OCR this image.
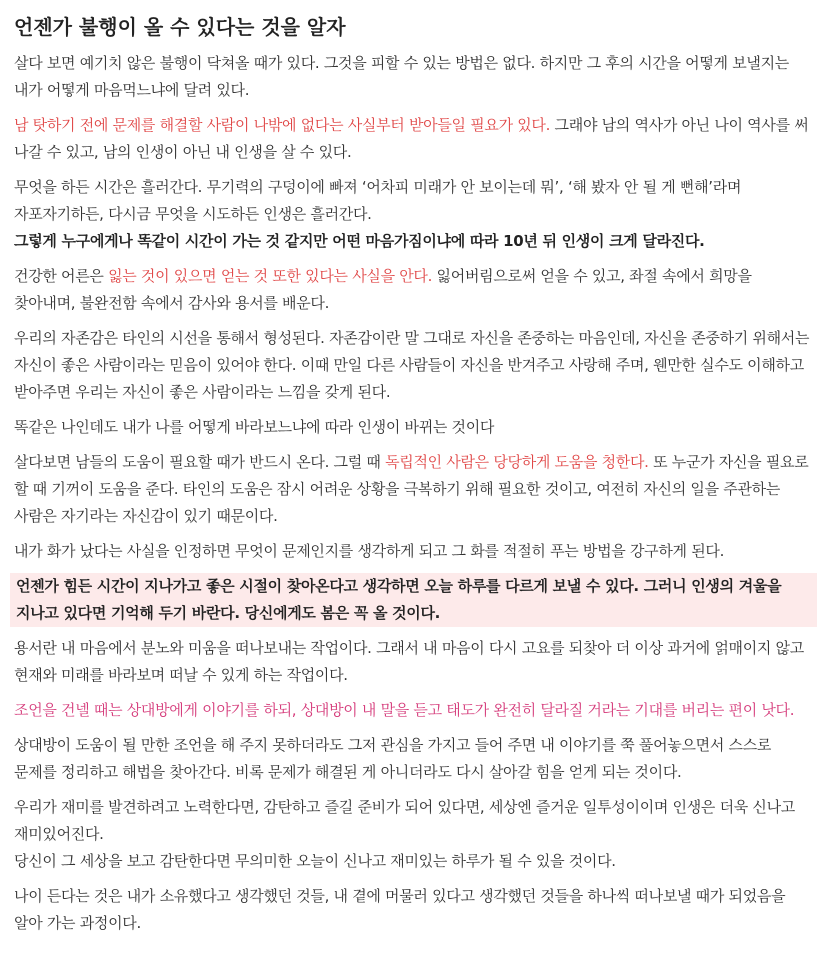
언젠가 불행이 올 수 있다는 것을 알자

살다 보면 예기치 않은 불행이 닥쳐올 때가 있다. 그것을 피할 수 있는 방법은 없다. 하지만 그 후의 시간을 어떻게 보낼지는 내가 어떻게 마음먹느냐에 달려 있다.

남 탓하기 전에 문제를 해결할 사람이 나밖에 없다는 사실부터 받아들일 필요가 있다. 그래야 남의 역사가 아닌 나이 역사를 써 나갈 수 있고, 남의 인생이 아닌 내 인생을 살 수 있다.

무엇을 하든 시간은 흘러간다. 무기력의 구덩이에 빠져 ‘어차피 미래가 안 보이는데 뭐’, ‘해 봤자 안 될 게 뻔해’라며 자포자기하든, 다시금 무엇을 시도하든 인생은 흘러간다.
그렇게 누구에게나 똑같이 시간이 가는 것 같지만 어떤 마음가짐이냐에 따라 10년 뒤 인생이 크게 달라진다.

건강한 어른은 잃는 것이 있으면 얻는 것 또한 있다는 사실을 안다. 잃어버림으로써 얻을 수 있고, 좌절 속에서 희망을 찾아내며, 불완전함 속에서 감사와 용서를 배운다.

우리의 자존감은 타인의 시선을 통해서 형성된다. 자존감이란 말 그대로 자신을 존중하는 마음인데, 자신을 존중하기 위해서는 자신이 좋은 사람이라는 믿음이 있어야 한다. 이때 만일 다른 사람들이 자신을 반겨주고 사랑해 주며, 웬만한 실수도 이해하고 받아주면 우리는 자신이 좋은 사람이라는 느낌을 갖게 된다.

똑같은 나인데도 내가 나를 어떻게 바라보느냐에 따라 인생이 바뀌는 것이다

살다보면 남들의 도움이 필요할 때가 반드시 온다. 그럴 때 독립적인 사람은 당당하게 도움을 청한다. 또 누군가 자신을 필요로 할 때 기꺼이 도움을 준다. 타인의 도움은 잠시 어려운 상황을 극복하기 위해 필요한 것이고, 여전히 자신의 일을 주관하는 사람은 자기라는 자신감이 있기 때문이다.

내가 화가 났다는 사실을 인정하면 무엇이 문제인지를 생각하게 되고 그 화를 적절히 푸는 방법을 강구하게 된다.

언젠가 힘든 시간이 지나가고 좋은 시절이 찾아온다고 생각하면 오늘 하루를 다르게 보낼 수 있다. 그러니 인생의 겨울을 지나고 있다면 기억해 두기 바란다. 당신에게도 봄은 꼭 올 것이다.

용서란 내 마음에서 분노와 미움을 떠나보내는 작업이다. 그래서 내 마음이 다시 고요를 되찾아 더 이상 과거에 얽매이지 않고 현재와 미래를 바라보며 떠날 수 있게 하는 작업이다.

조언을 건넬 때는 상대방에게 이야기를 하되, 상대방이 내 말을 듣고 태도가 완전히 달라질 거라는 기대를 버리는 편이 낫다.

상대방이 도움이 될 만한 조언을 해 주지 못하더라도 그저 관심을 가지고 들어 주면 내 이야기를 쭉 풀어놓으면서 스스로 문제를 정리하고 해법을 찾아간다. 비록 문제가 해결된 게 아니더라도 다시 살아갈 힘을 얻게 되는 것이다.

우리가 재미를 발견하려고 노력한다면, 감탄하고 즐길 준비가 되어 있다면, 세상엔 즐거운 일투성이이며 인생은 더욱 신나고 재미있어진다.
당신이 그 세상을 보고 감탄한다면 무의미한 오늘이 신나고 재미있는 하루가 될 수 있을 것이다.

나이 든다는 것은 내가 소유했다고 생각했던 것들, 내 곁에 머물러 있다고 생각했던 것들을 하나씩 떠나보낼 때가 되었음을 알아 가는 과정이다.
